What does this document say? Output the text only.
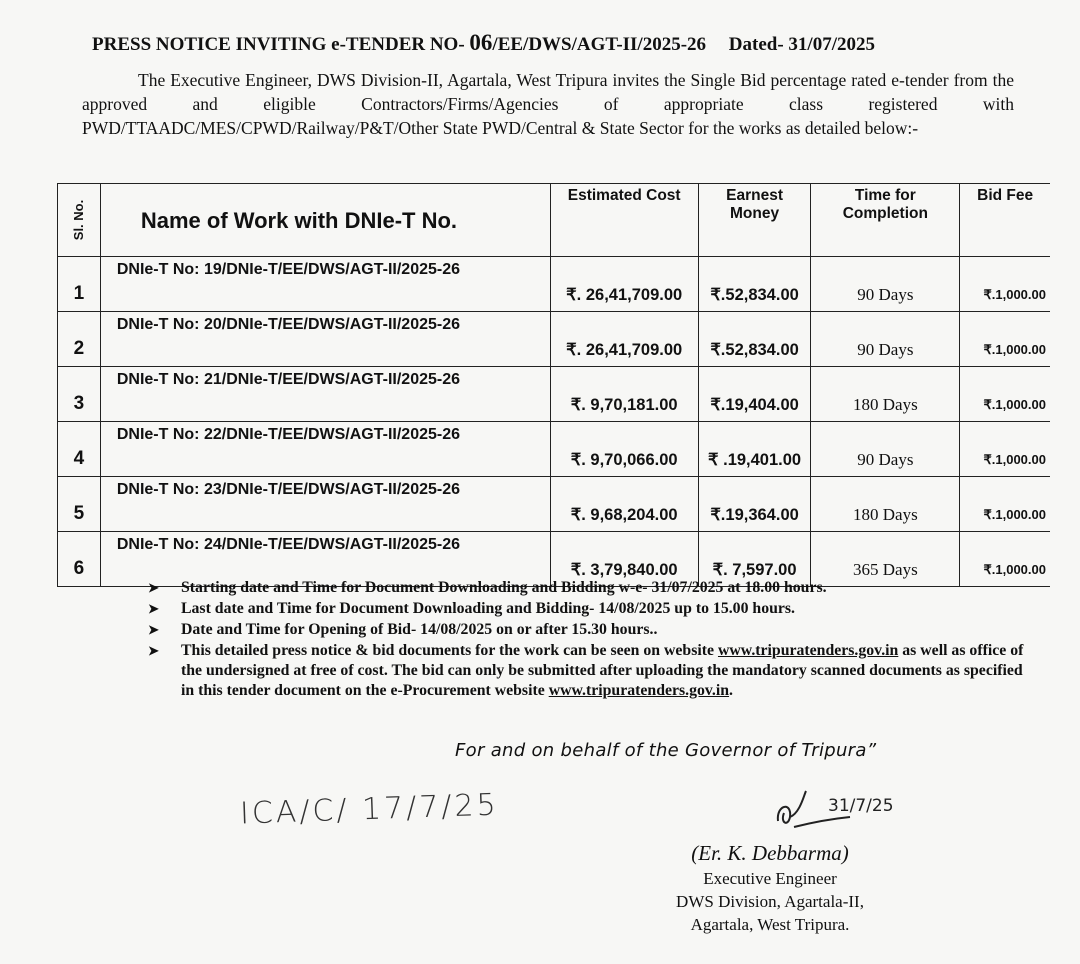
PRESS NOTICE INVITING e-TENDER NO- 06/EE/DWS/AGT-II/2025-26 Dated- 31/07/2025
The Executive Engineer, DWS Division-II, Agartala, West Tripura invites the Single Bid percentage rated e-tender from the approved and eligible Contractors/Firms/Agencies of appropriate class registered with PWD/TTAADC/MES/CPWD/Railway/P&T/Other State PWD/Central & State Sector for the works as detailed below:-
Sl. No.	Name of Work with DNIe-T No.	Estimated Cost	Earnest Money	Time for Completion	Bid Fee
1	DNIe-T No: 19/DNIe-T/EE/DWS/AGT-II/2025-26	₹. 26,41,709.00	₹.52,834.00	90 Days	₹.1,000.00
2	DNIe-T No: 20/DNIe-T/EE/DWS/AGT-II/2025-26	₹. 26,41,709.00	₹.52,834.00	90 Days	₹.1,000.00
3	DNIe-T No: 21/DNIe-T/EE/DWS/AGT-II/2025-26	₹. 9,70,181.00	₹.19,404.00	180 Days	₹.1,000.00
4	DNIe-T No: 22/DNIe-T/EE/DWS/AGT-II/2025-26	₹. 9,70,066.00	₹ .19,401.00	90 Days	₹.1,000.00
5	DNIe-T No: 23/DNIe-T/EE/DWS/AGT-II/2025-26	₹. 9,68,204.00	₹.19,364.00	180 Days	₹.1,000.00
6	DNIe-T No: 24/DNIe-T/EE/DWS/AGT-II/2025-26	₹. 3,79,840.00	₹. 7,597.00	365 Days	₹.1,000.00
➤ Starting date and Time for Document Downloading and Bidding w-e- 31/07/2025 at 18.00 hours.
➤ Last date and Time for Document Downloading and Bidding- 14/08/2025 up to 15.00 hours.
➤ Date and Time for Opening of Bid- 14/08/2025 on or after 15.30 hours..
➤ This detailed press notice & bid documents for the work can be seen on website www.tripuratenders.gov.in as well as office of the undersigned at free of cost. The bid can only be submitted after uploading the mandatory scanned documents as specified in this tender document on the e-Procurement website www.tripuratenders.gov.in.
For and on behalf of the Governor of Tripura”
ICA/C/ 17/7/25	31/7/25
(Er. K. Debbarma)
Executive Engineer
DWS Division, Agartala-II,
Agartala, West Tripura.
